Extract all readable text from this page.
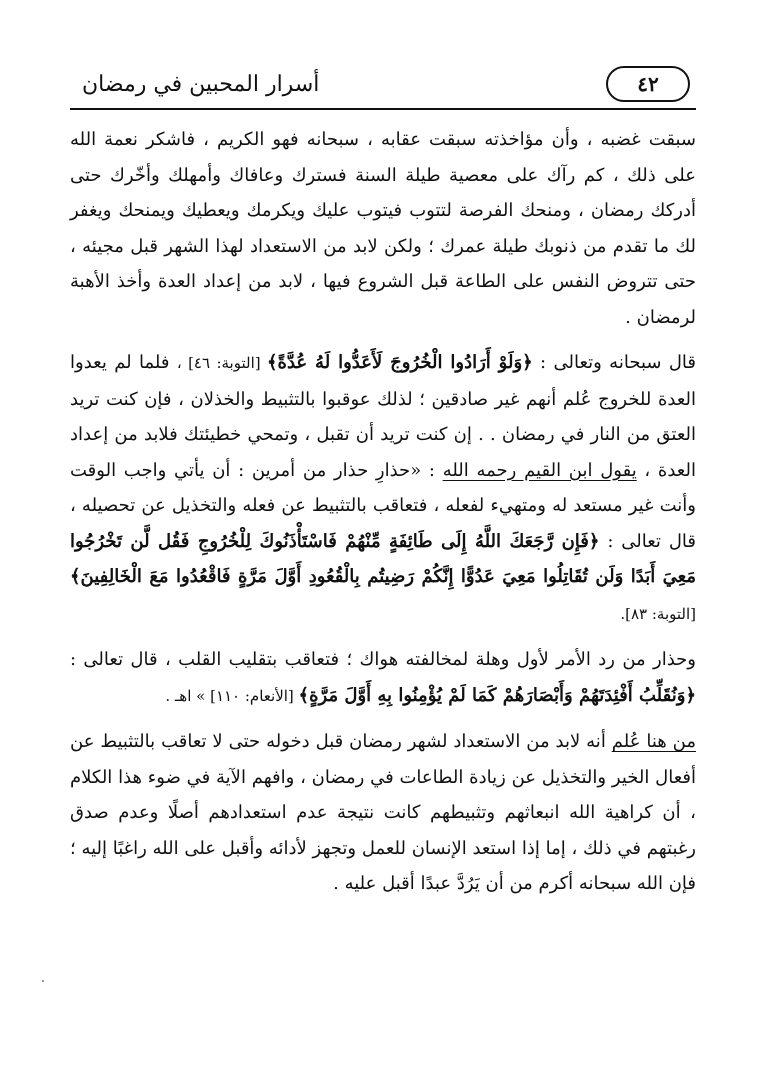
أسرار المحبين في رمضان	٤٢

سبقت غضبه ، وأن مؤاخذته سبقت عقابه ، سبحانه فهو الكريم ، فاشكر نعمة الله على ذلك ، كم رآك على معصية طيلة السنة فسترك وعافاك وأمهلك وأخّرك حتى أدركك رمضان ، ومنحك الفرصة لتتوب فيتوب عليك ويكرمك ويعطيك ويمنحك ويغفر لك ما تقدم من ذنوبك طيلة عمرك ؛ ولكن لابد من الاستعداد لهذا الشهر قبل مجيئه ، حتى تتروض النفس على الطاعة قبل الشروع فيها ، لابد من إعداد العدة وأخذ الأهبة لرمضان .

قال سبحانه وتعالى : ﴿وَلَوْ أَرَادُوا الْخُرُوجَ لَأَعَدُّوا لَهُ عُدَّةً﴾ [التوبة: ٤٦] ، فلما لم يعدوا العدة للخروج عُلم أنهم غير صادقين ؛ لذلك عوقبوا بالتثبيط والخذلان ، فإن كنت تريد العتق من النار في رمضان . . إن كنت تريد أن تقبل ، وتمحي خطيئتك فلابد من إعداد العدة ، يقول ابن القيم رحمه الله : «حذارِ حذار من أمرين : أن يأتي واجب الوقت وأنت غير مستعد له ومتهيء لفعله ، فتعاقب بالتثبيط عن فعله والتخذيل عن تحصيله ، قال تعالى : ﴿فَإِن رَّجَعَكَ اللَّهُ إِلَى طَائِفَةٍ مِّنْهُمْ فَاسْتَأْذَنُوكَ لِلْخُرُوجِ فَقُل لَّن تَخْرُجُوا مَعِيَ أَبَدًا وَلَن تُقَاتِلُوا مَعِيَ عَدُوًّا إِنَّكُمْ رَضِيتُم بِالْقُعُودِ أَوَّلَ مَرَّةٍ فَاقْعُدُوا مَعَ الْخَالِفِينَ﴾ [التوبة: ٨٣].

وحذار من رد الأمر لأول وهلة لمخالفته هواك ؛ فتعاقب بتقليب القلب ، قال تعالى : ﴿وَنُقَلِّبُ أَفْئِدَتَهُمْ وَأَبْصَارَهُمْ كَمَا لَمْ يُؤْمِنُوا بِهِ أَوَّلَ مَرَّةٍ﴾ [الأنعام: ١١٠] » اهـ .

من هنا عُلم أنه لابد من الاستعداد لشهر رمضان قبل دخوله حتى لا تعاقب بالتثبيط عن أفعال الخير والتخذيل عن زيادة الطاعات في رمضان ، وافهم الآية في ضوء هذا الكلام ، أن كراهية الله انبعاثهم وتثبيطهم كانت نتيجة عدم استعدادهم أصلًا وعدم صدق رغبتهم في ذلك ، إما إذا استعد الإنسان للعمل وتجهز لأدائه وأقبل على الله راغبًا إليه ؛ فإن الله سبحانه أكرم من أن يَرُدَّ عبدًا أقبل عليه .
